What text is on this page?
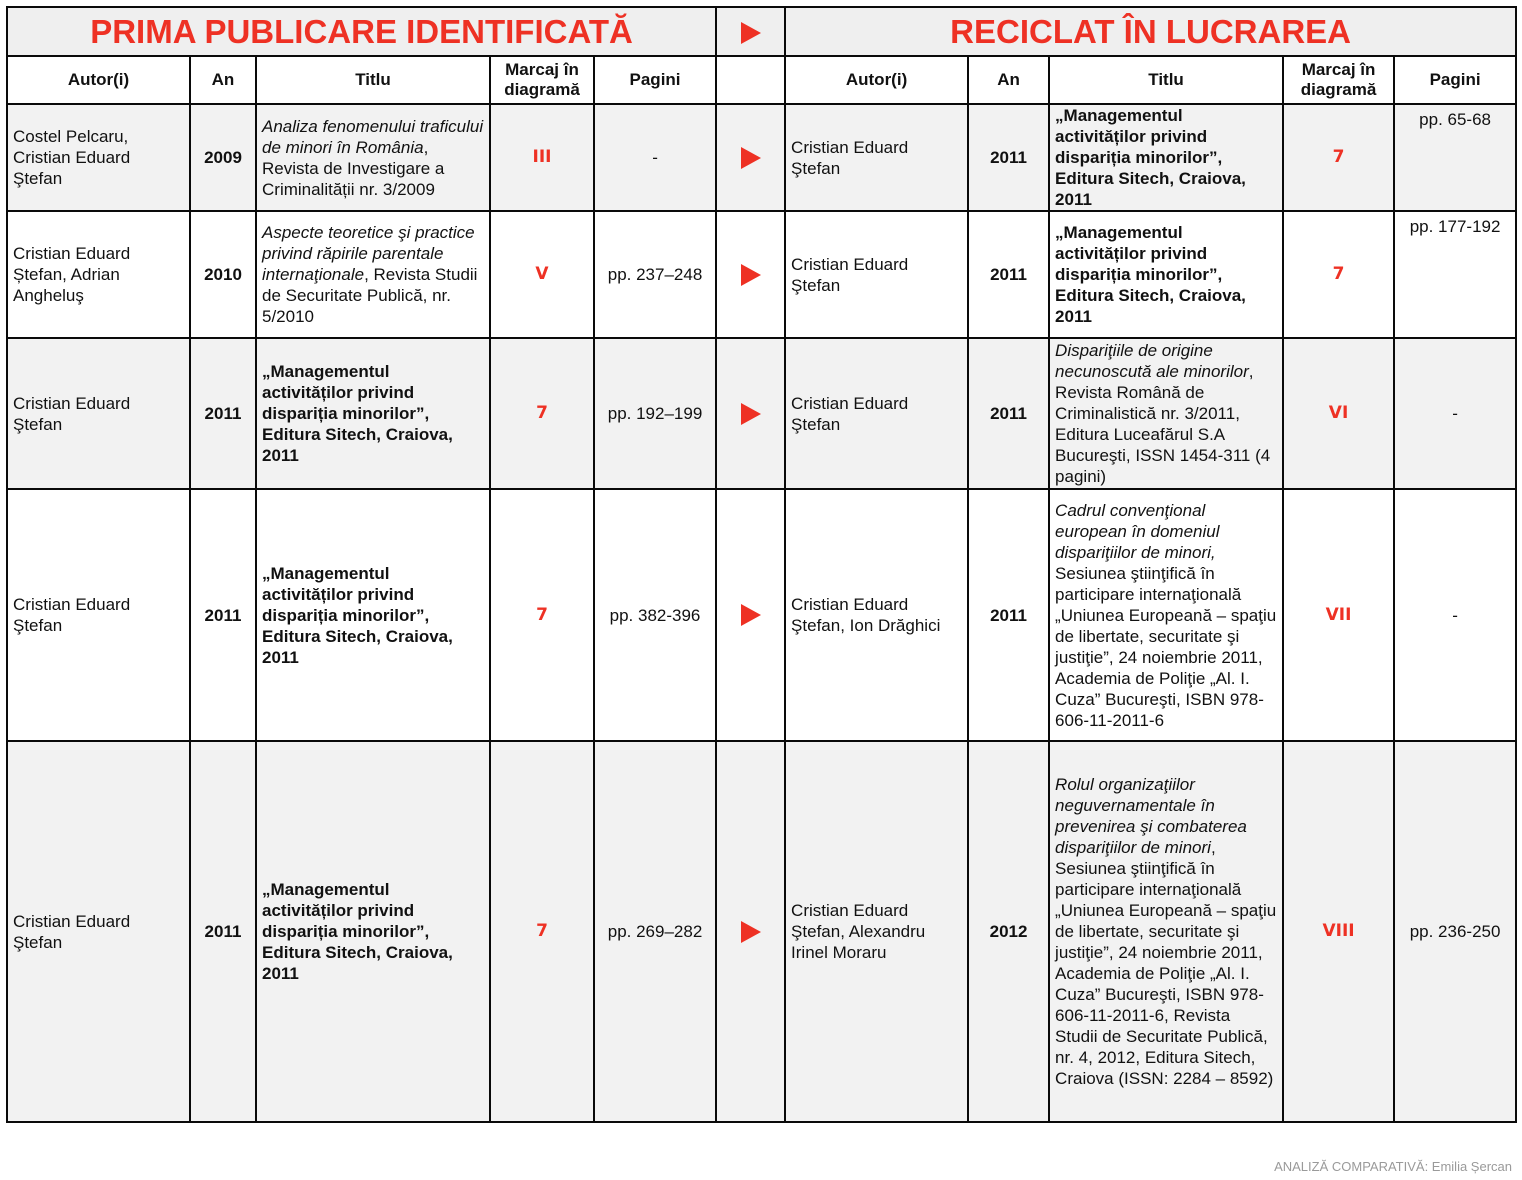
PRIMA PUBLICARE IDENTIFICATĂ						RECICLAT ÎN LUCRAREA				
Autor(i)	An	Titlu	Marcaj în diagramă	Pagini		Autor(i)	An	Titlu	Marcaj în diagramă	Pagini
Costel Pelcaru, Cristian Eduard Ştefan	2009	Analiza fenomenului traficului de minori în România, Revista de Investigare a Criminalității nr. 3/2009	III	-		Cristian Eduard Ştefan	2011	„Managementul activităților privind dispariția minorilor”, Editura Sitech, Craiova, 2011	7	pp. 65-68
Cristian Eduard Ștefan, Adrian Angheluş	2010	Aspecte teoretice şi practice privind răpirile parentale internaţionale, Revista Studii de Securitate Publică, nr. 5/2010	V	pp. 237–248		Cristian Eduard Ştefan	2011	„Managementul activităților privind dispariția minorilor”, Editura Sitech, Craiova, 2011	7	pp. 177-192
Cristian Eduard Ştefan	2011	„Managementul activităților privind dispariția minorilor”, Editura Sitech, Craiova, 2011	7	pp. 192–199		Cristian Eduard Ştefan	2011	Dispariţiile de origine necunoscută ale minorilor, Revista Română de Criminalistică nr. 3/2011, Editura Luceafărul S.A Bucureşti, ISSN 1454-311 (4 pagini)	VI	-
Cristian Eduard Ştefan	2011	„Managementul activităților privind dispariția minorilor”, Editura Sitech, Craiova, 2011	7	pp. 382-396		Cristian Eduard Ştefan, Ion Drăghici	2011	Cadrul convenţional european în domeniul dispariţiilor de minori, Sesiunea ştiinţifică în participare internaţională „Uniunea Europeană – spaţiu de libertate, securitate şi justiţie”, 24 noiembrie 2011, Academia de Poliţie „Al. I. Cuza” Bucureşti, ISBN 978-606-11-2011-6	VII	-
Cristian Eduard Ştefan	2011	„Managementul activităților privind dispariția minorilor”, Editura Sitech, Craiova, 2011	7	pp. 269–282		Cristian Eduard Ştefan, Alexandru Irinel Moraru	2012	Rolul organizaţiilor neguvernamentale în prevenirea şi combaterea dispariţiilor de minori, Sesiunea ştiinţifică în participare internaţională „Uniunea Europeană – spaţiu de libertate, securitate şi justiţie”, 24 noiembrie 2011, Academia de Poliţie „Al. I. Cuza” Bucureşti, ISBN 978-606-11-2011-6, Revista Studii de Securitate Publică, nr. 4, 2012, Editura Sitech, Craiova (ISSN: 2284 – 8592)	VIII	pp. 236-250
ANALIZĂ COMPARATIVĂ: Emilia Șercan
